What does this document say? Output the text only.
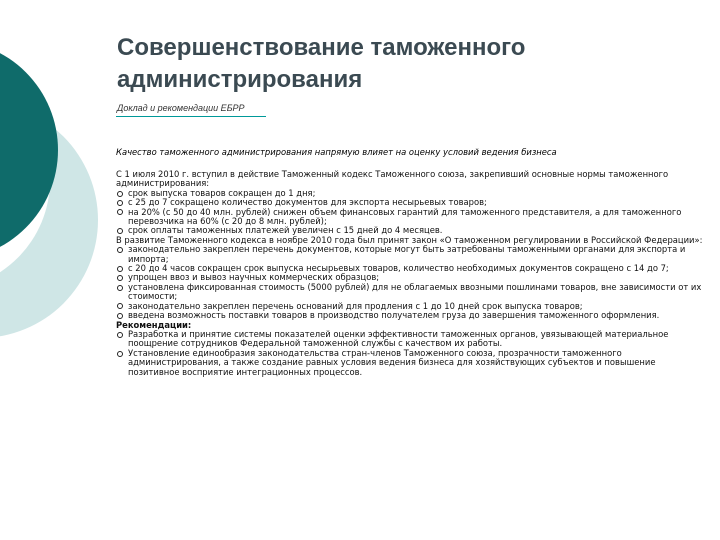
Совершенствование таможенного администрирования
Доклад и рекомендации ЕБРР
Качество таможенного администрирования напрямую влияет на оценку условий ведения бизнеса

С 1 июля 2010 г. вступил в действие Таможенный кодекс Таможенного союза, закрепивший основные нормы таможенного администрирования:

срок выпуска товаров сокращен до 1 дня;

с 25 до 7 сокращено количество документов для экспорта несырьевых товаров;

на 20% (с 50 до 40 млн. рублей) снижен объем финансовых гарантий для таможенного представителя, а для таможенного перевозчика на 60% (с 20 до 8 млн. рублей);

срок оплаты таможенных платежей увеличен с 15 дней до 4 месяцев.

В развитие Таможенного кодекса в ноябре 2010 года был принят закон «О таможенном регулировании в Российской Федерации»:

законодательно закреплен перечень документов, которые могут быть затребованы таможенными органами для экспорта и импорта;

с 20 до 4 часов сокращен срок выпуска несырьевых товаров, количество необходимых документов сокращено с 14 до 7;

упрощен ввоз и вывоз научных коммерческих образцов;

установлена фиксированная стоимость (5000 рублей) для не облагаемых ввозными пошлинами товаров, вне зависимости от их стоимости;

законодательно закреплен перечень оснований для продления с 1 до 10 дней срок выпуска товаров;

введена возможность поставки товаров в производство получателем груза до завершения таможенного оформления.

Рекомендации:

Разработка и принятие системы показателей оценки эффективности таможенных органов, увязывающей материальное поощрение сотрудников Федеральной таможенной службы с качеством их работы.

Установление единообразия законодательства стран-членов Таможенного союза, прозрачности таможенного администрирования, а также создание равных условия ведения бизнеса для хозяйствующих субъектов и повышение позитивное восприятие интеграционных процессов.
